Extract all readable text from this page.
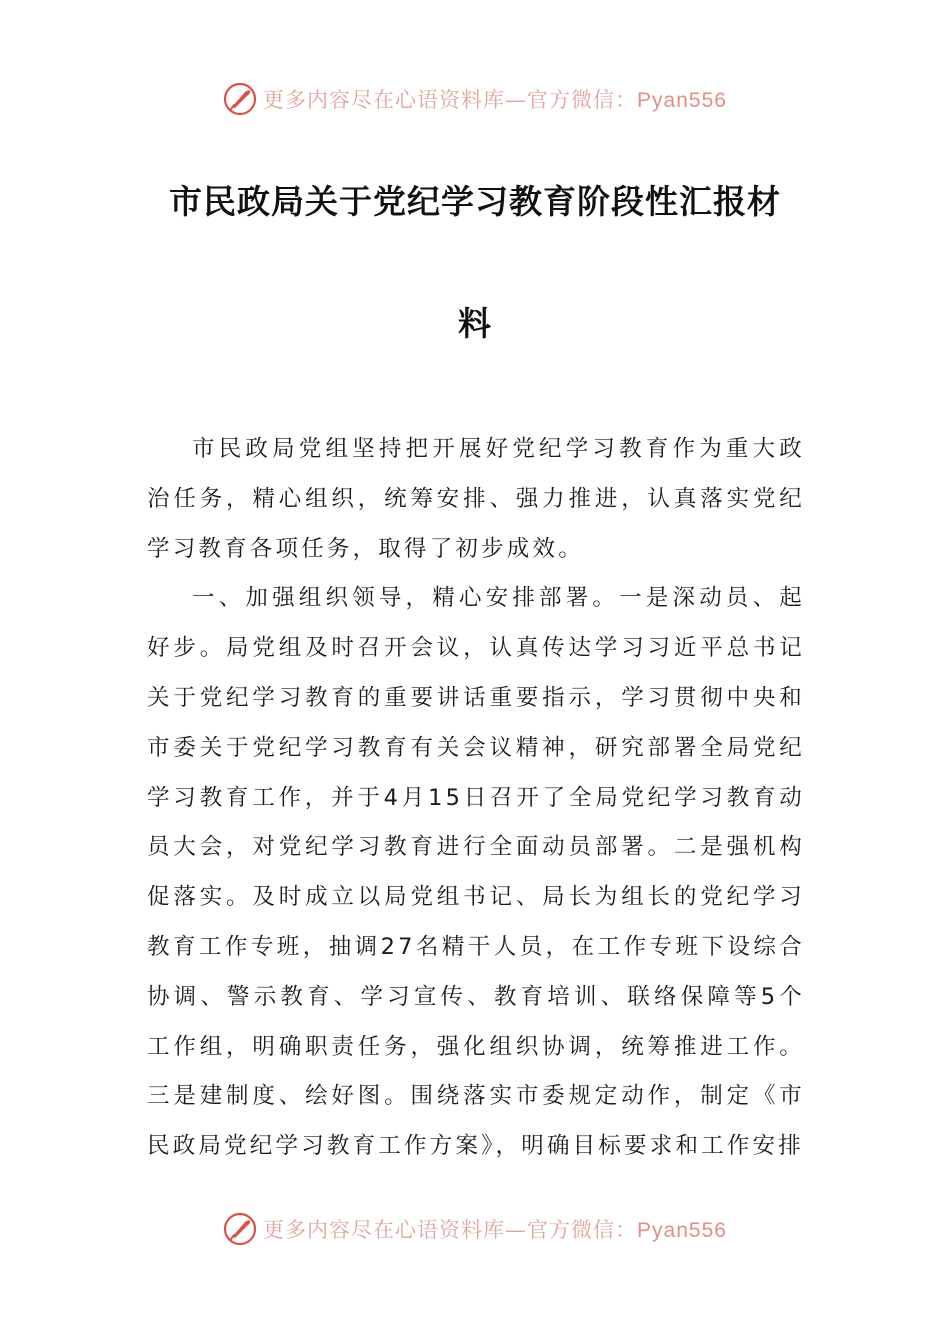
更多内容尽在心语资料库—官方微信：Pyan556
市民政局关于党纪学习教育阶段性汇报材
料

市民政局党组坚持把开展好党纪学习教育作为重大政治任务，精心组织，统筹安排、强力推进，认真落实党纪学习教育各项任务，取得了初步成效。

一、加强组织领导，精心安排部署。一是深动员、起好步。局党组及时召开会议，认真传达学习习近平总书记关于党纪学习教育的重要讲话重要指示，学习贯彻中央和市委关于党纪学习教育有关会议精神，研究部署全局党纪学习教育工作，并于4月15日召开了全局党纪学习教育动员大会，对党纪学习教育进行全面动员部署。二是强机构促落实。及时成立以局党组书记、局长为组长的党纪学习教育工作专班，抽调27名精干人员，在工作专班下设综合协调、警示教育、学习宣传、教育培训、联络保障等5个工作组，明确职责任务，强化组织协调，统筹推进工作。三是建制度、绘好图。围绕落实市委规定动作，制定《市民政局党纪学习教育工作方案》，明确目标要求和工作安排

更多内容尽在心语资料库—官方微信：Pyan556
